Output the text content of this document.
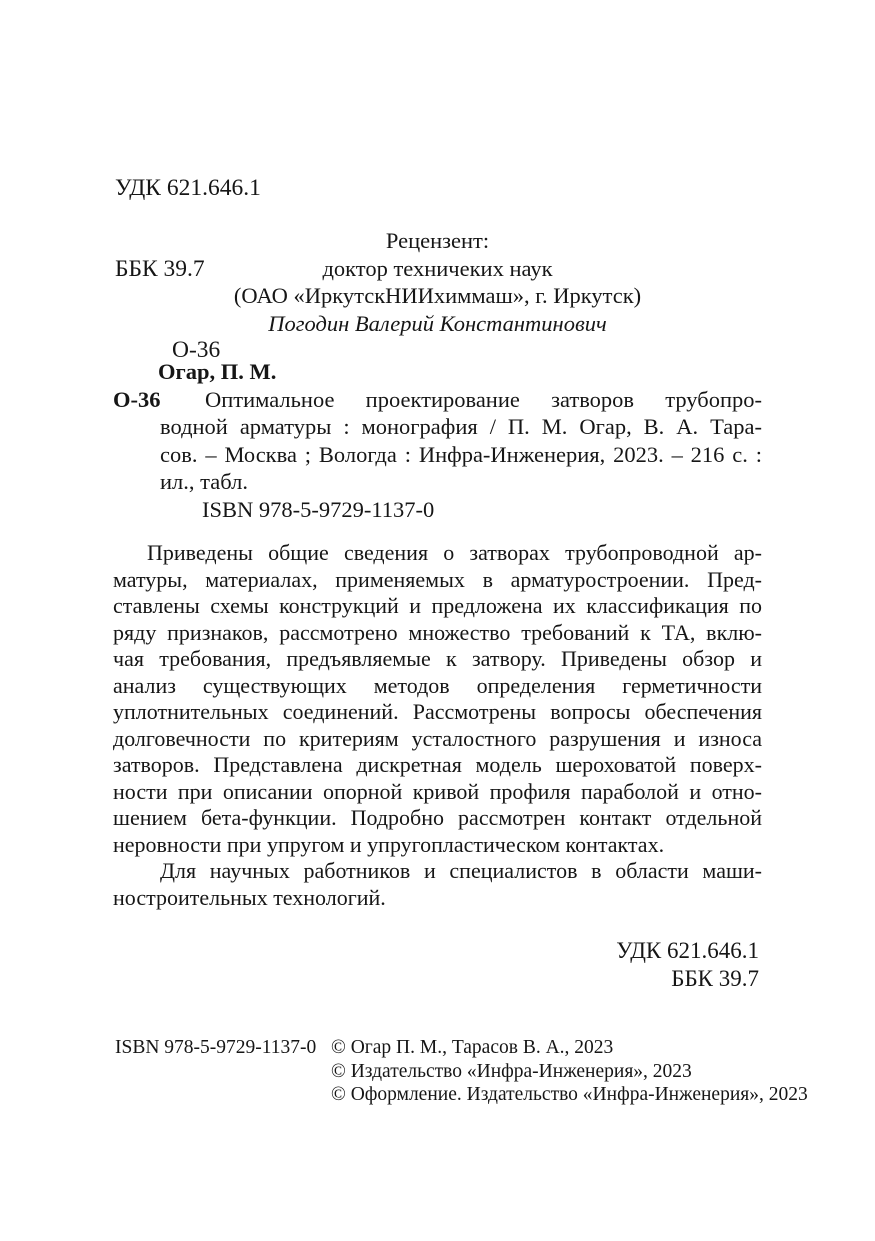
УДК 621.646.1

ББК 39.7

О-36

Рецензент:
доктор техничеких наук
(ОАО «ИркутскНИИхиммаш», г. Иркутск)
Погодин Валерий Константинович
Огар, П. М.
О-36	Оптимальное проектирование затворов трубопро-
водной арматуры : монография / П. М. Огар, В. А. Тара-
сов. – Москва ; Вологда : Инфра-Инженерия, 2023. – 216 с. :
ил., табл.
ISBN 978-5-9729-1137-0
Приведены общие сведения о затворах трубопроводной ар-
матуры, материалах, применяемых в арматуростроении. Пред-
ставлены схемы конструкций и предложена их классификация по
ряду признаков, рассмотрено множество требований к ТА, вклю-
чая требования, предъявляемые к затвору. Приведены обзор и
анализ существующих методов определения герметичности
уплотнительных соединений. Рассмотрены вопросы обеспечения
долговечности по критериям усталостного разрушения и износа
затворов. Представлена дискретная модель шероховатой поверх-
ности при описании опорной кривой профиля параболой и отно-
шением бета-функции. Подробно рассмотрен контакт отдельной
неровности при упругом и упругопластическом контактах.
Для научных работников и специалистов в области маши-
ностроительных технологий.
УДК 621.646.1
ББК 39.7
ISBN 978-5-9729-1137-0 © Огар П. М., Тарасов В. А., 2023
© Издательство «Инфра-Инженерия», 2023
© Оформление. Издательство «Инфра-Инженерия», 2023
